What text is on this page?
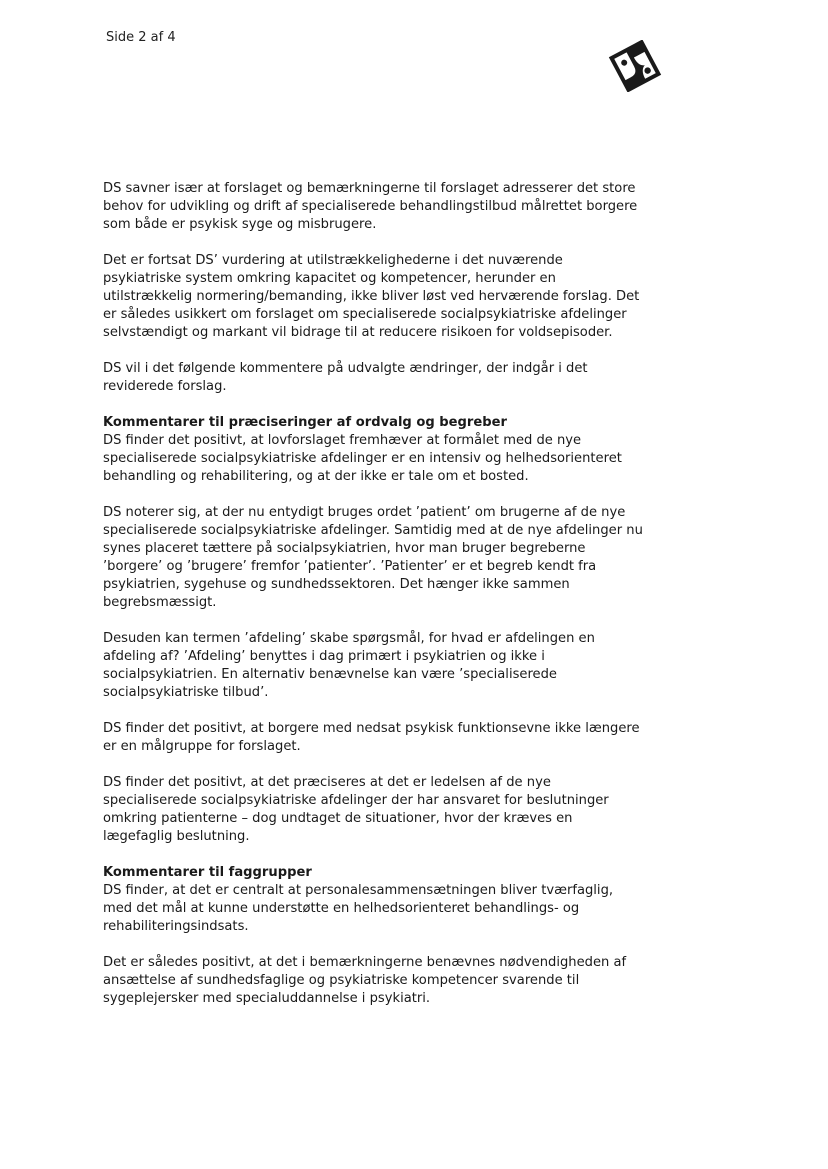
Side 2 af 4

DS savner især at forslaget og bemærkningerne til forslaget adresserer det store behov for udvikling og drift af specialiserede behandlingstilbud målrettet borgere som både er psykisk syge og misbrugere.

Det er fortsat DS’ vurdering at utilstrækkelighederne i det nuværende psykiatriske system omkring kapacitet og kompetencer, herunder en utilstrækkelig normering/bemanding, ikke bliver løst ved herværende forslag. Det er således usikkert om forslaget om specialiserede socialpsykiatriske afdelinger selvstændigt og markant vil bidrage til at reducere risikoen for voldsepisoder.

DS vil i det følgende kommentere på udvalgte ændringer, der indgår i det reviderede forslag.

Kommentarer til præciseringer af ordvalg og begreber

DS finder det positivt, at lovforslaget fremhæver at formålet med de nye specialiserede socialpsykiatriske afdelinger er en intensiv og helhedsorienteret behandling og rehabilitering, og at der ikke er tale om et bosted.

DS noterer sig, at der nu entydigt bruges ordet ’patient’ om brugerne af de nye specialiserede socialpsykiatriske afdelinger. Samtidig med at de nye afdelinger nu synes placeret tættere på socialpsykiatrien, hvor man bruger begreberne ’borgere’ og ’brugere’ fremfor ’patienter’. ’Patienter’ er et begreb kendt fra psykiatrien, sygehuse og sundhedssektoren. Det hænger ikke sammen begrebsmæssigt.

Desuden kan termen ’afdeling’ skabe spørgsmål, for hvad er afdelingen en afdeling af? ’Afdeling’ benyttes i dag primært i psykiatrien og ikke i socialpsykiatrien. En alternativ benævnelse kan være ’specialiserede socialpsykiatriske tilbud’.

DS finder det positivt, at borgere med nedsat psykisk funktionsevne ikke længere er en målgruppe for forslaget.

DS finder det positivt, at det præciseres at det er ledelsen af de nye specialiserede socialpsykiatriske afdelinger der har ansvaret for beslutninger omkring patienterne – dog undtaget de situationer, hvor der kræves en lægefaglig beslutning.

Kommentarer til faggrupper

DS finder, at det er centralt at personalesammensætningen bliver tværfaglig, med det mål at kunne understøtte en helhedsorienteret behandlings- og rehabiliteringsindsats.

Det er således positivt, at det i bemærkningerne benævnes nødvendigheden af ansættelse af sundhedsfaglige og psykiatriske kompetencer svarende til sygeplejersker med specialuddannelse i psykiatri.
